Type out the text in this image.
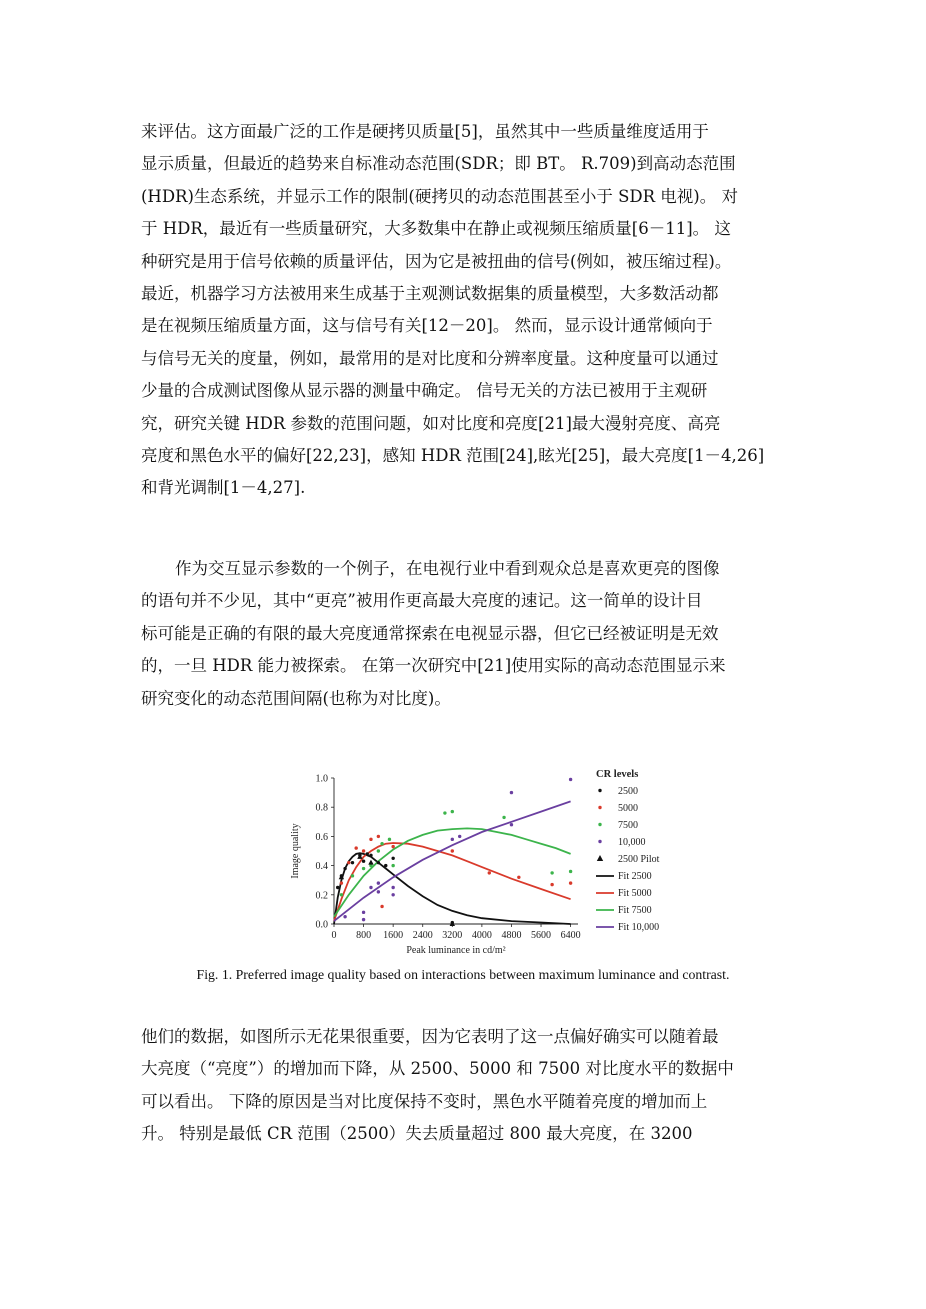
来评估。这方面最广泛的工作是硬拷贝质量[5]，虽然其中一些质量维度适用于
显示质量，但最近的趋势来自标准动态范围(SDR；即 BT。 R.709)到高动态范围
(HDR)生态系统，并显示工作的限制(硬拷贝的动态范围甚至小于 SDR 电视)。 对
于 HDR，最近有一些质量研究，大多数集中在静止或视频压缩质量[6－11]。 这
种研究是用于信号依赖的质量评估，因为它是被扭曲的信号(例如，被压缩过程)。
最近，机器学习方法被用来生成基于主观测试数据集的质量模型，大多数活动都
是在视频压缩质量方面，这与信号有关[12－20]。 然而，显示设计通常倾向于
与信号无关的度量，例如，最常用的是对比度和分辨率度量。这种度量可以通过
少量的合成测试图像从显示器的测量中确定。 信号无关的方法已被用于主观研
究，研究关键 HDR 参数的范围问题，如对比度和亮度[21]最大漫射亮度、高亮
亮度和黑色水平的偏好[22,23]，感知 HDR 范围[24],眩光[25]，最大亮度[1－4,26]
和背光调制[1－4,27].
作为交互显示参数的一个例子，在电视行业中看到观众总是喜欢更亮的图像
的语句并不少见，其中“更亮”被用作更高最大亮度的速记。这一简单的设计目
标可能是正确的有限的最大亮度通常探索在电视显示器，但它已经被证明是无效
的，一旦 HDR 能力被探索。 在第一次研究中[21]使用实际的高动态范围显示来
研究变化的动态范围间隔(也称为对比度)。
0.0
0.2
0.4
0.6
0.8
1.0
0 800 1600 2400 3200 4000 4800 5600 6400
Peak luminance in cd/m²
Image quality
CR levels
2500
5000
7500
10,000
2500 Pilot
Fit 2500
Fit 5000
Fit 7500
Fit 10,000
Fig. 1. Preferred image quality based on interactions between maximum luminance and contrast.
他们的数据，如图所示无花果很重要，因为它表明了这一点偏好确实可以随着最
大亮度（“亮度”）的增加而下降，从 2500、5000 和 7500 对比度水平的数据中
可以看出。 下降的原因是当对比度保持不变时，黑色水平随着亮度的增加而上
升。 特别是最低 CR 范围（2500）失去质量超过 800 最大亮度，在 3200
